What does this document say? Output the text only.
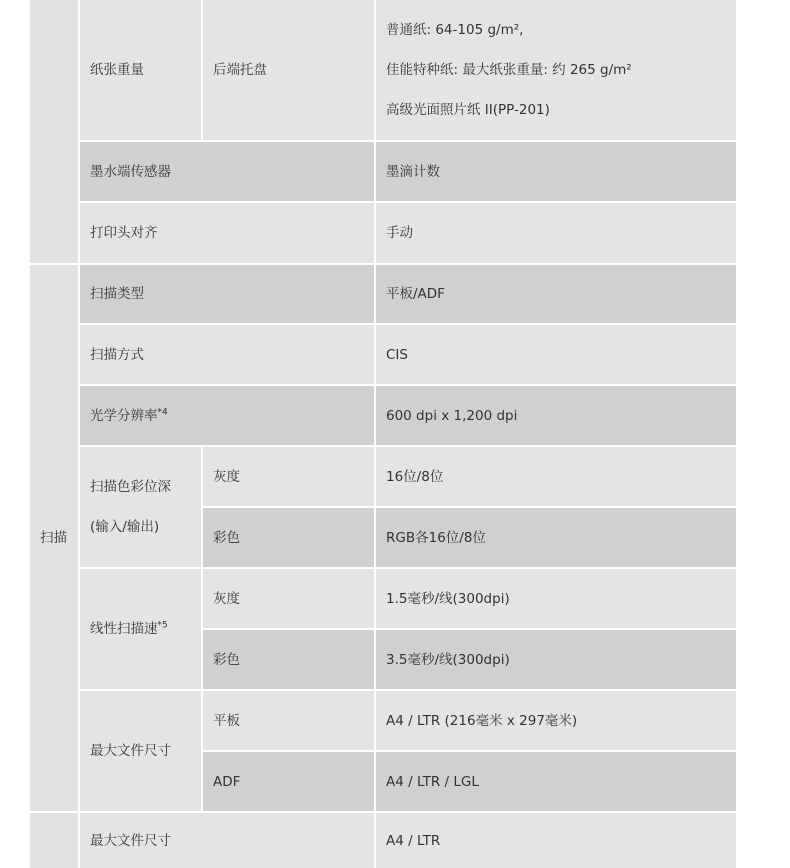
扫描
纸张重量	后端托盘
普通纸: 64-105 g/m²,
佳能特种纸: 最大纸张重量: 约 265 g/m²
高级光面照片纸 II(PP-201)
墨水端传感器	墨滴计数
打印头对齐	手动
扫描类型	平板/ADF
扫描方式	CIS
光学分辨率$^{*4}$	600 dpi x 1,200 dpi
扫描色彩位深
(输入/输出)
灰度	16位/8位
彩色	RGB各16位/8位
线性扫描速$^{*5}$
灰度	1.5毫秒/线(300dpi)
彩色	3.5毫秒/线(300dpi)
最大文件尺寸
平板	A4 / LTR (216毫米 x 297毫米)
ADF	A4 / LTR / LGL
最大文件尺寸	A4 / LTR
